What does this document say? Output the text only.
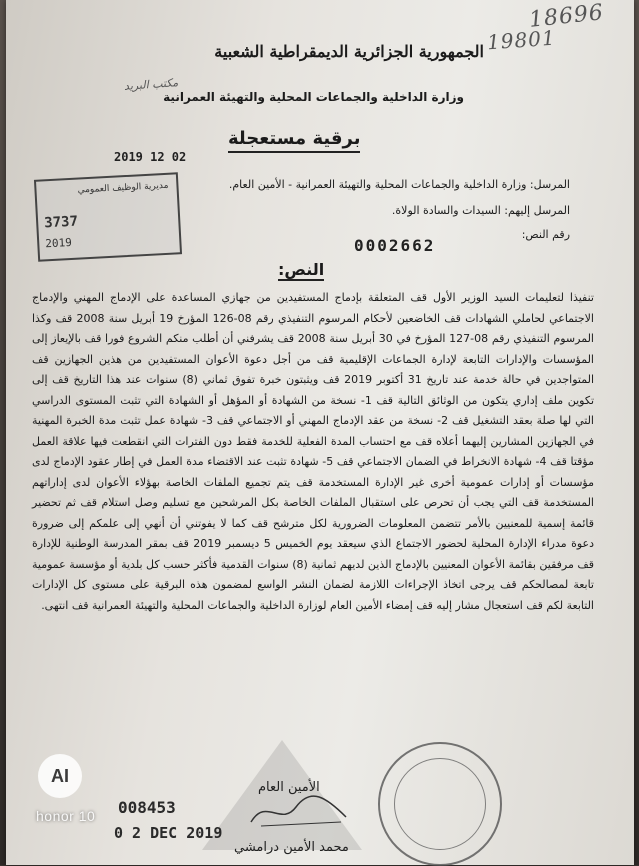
18696
19801
الجمهورية الجزائرية الديمقراطية الشعبية
وزارة الداخلية والجماعات المحلية والتهيئة العمرانية
مكتب البريد
برقية مستعجلة
2019 12 02
مديرية الوظيف العمومي
3737
2019
المرسل: وزارة الداخلية والجماعات المحلية والتهيئة العمرانية - الأمين العام.
المرسل إليهم: السيدات والسادة الولاة.
رقم النص:
0002662
النص:

تنفيذا لتعليمات السيد الوزير الأول قف المتعلقة بإدماج المستفيدين من جهازي المساعدة على الإدماج المهني والإدماج الاجتماعي لحاملي الشهادات قف الخاضعين لأحكام المرسوم التنفيذي رقم 08-126 المؤرخ 19 أبريل سنة 2008 قف وكذا المرسوم التنفيذي رقم 08-127 المؤرخ في 30 أبريل سنة 2008 قف يشرفني أن أطلب منكم الشروع فورا قف بالإيعاز إلى المؤسسات والإدارات التابعة لإدارة الجماعات الإقليمية قف من أجل دعوة الأعوان المستفيدين من هذين الجهازين قف المتواجدين في حالة خدمة عند تاريخ 31 أكتوبر 2019 قف ويثبتون خبرة تفوق ثماني (8) سنوات عند هذا التاريخ قف إلى تكوين ملف إداري يتكون من الوثائق التالية قف 1- نسخة من الشهادة أو المؤهل أو الشهادة التي تثبت المستوى الدراسي التي لها صلة بعقد التشغيل قف 2- نسخة من عقد الإدماج المهني أو الاجتماعي قف 3- شهادة عمل تثبت مدة الخبرة المهنية في الجهازين المشارين إليهما أعلاه قف مع احتساب المدة الفعلية للخدمة فقط دون الفترات التي انقطعت فيها علاقة العمل مؤقتا قف 4- شهادة الانخراط في الضمان الاجتماعي قف 5- شهادة تثبت عند الاقتضاء مدة العمل في إطار عقود الإدماج لدى مؤسسات أو إدارات عمومية أخرى غير الإدارة المستخدمة قف يتم تجميع الملفات الخاصة بهؤلاء الأعوان لدى إداراتهم المستخدمة قف التي يجب أن تحرص على استقبال الملفات الخاصة بكل المرشحين مع تسليم وصل استلام قف ثم تحضير قائمة إسمية للمعنيين بالأمر تتضمن المعلومات الضرورية لكل مترشح قف كما لا يفوتني أن أنهي إلى علمكم إلى ضرورة دعوة مدراء الإدارة المحلية لحضور الاجتماع الذي سيعقد يوم الخميس 5 ديسمبر 2019 قف بمقر المدرسة الوطنية للإدارة قف مرفقين بقائمة الأعوان المعنيين بالإدماج الذين لديهم ثمانية (8) سنوات القدمية فأكثر حسب كل بلدية أو مؤسسة عمومية تابعة لمصالحكم قف يرجى اتخاذ الإجراءات اللازمة لضمان النشر الواسع لمضمون هذه البرقية على مستوى كل الإدارات التابعة لكم قف استعجال مشار إليه قف إمضاء الأمين العام لوزارة الداخلية والجماعات المحلية والتهيئة العمرانية قف انتهى.

الأمين العام
محمد الأمين درامشي
008453
0 2 DEC 2019
AI
honor 10
